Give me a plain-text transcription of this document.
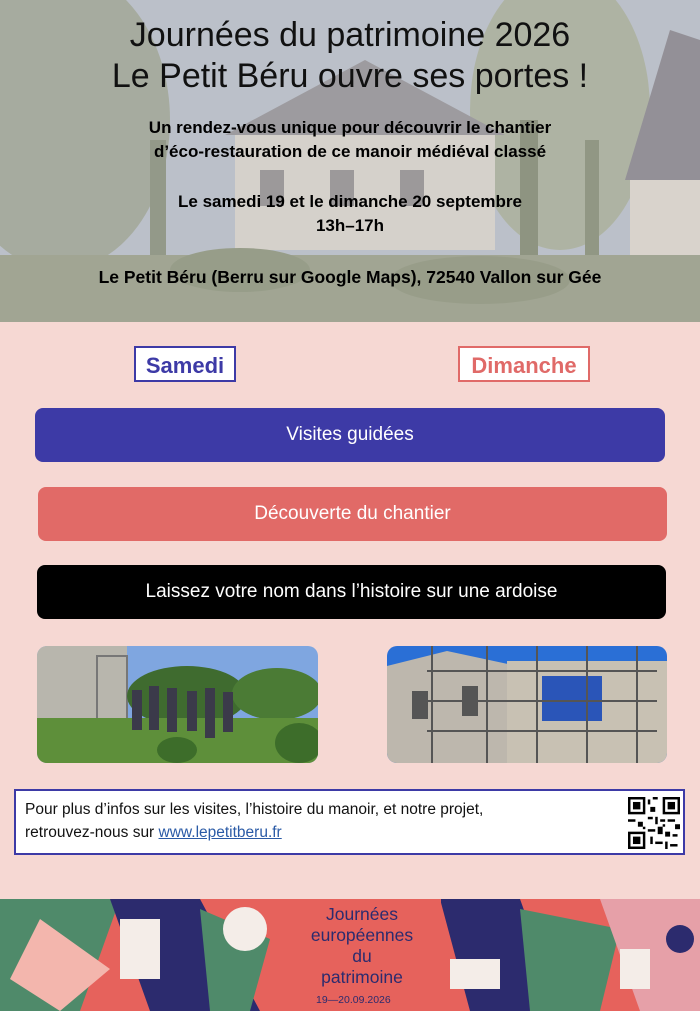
Journées du patrimoine 2026
Le Petit Béru ouvre ses portes !
Un rendez-vous unique pour découvrir le chantier
d’éco-restauration de ce manoir médiéval classé
Le samedi 19 et le dimanche 20 septembre
13h–17h
Le Petit Béru (Berru sur Google Maps), 72540 Vallon sur Gée
Samedi	Dimanche
Visites guidées
Découverte du chantier
Laissez votre nom dans l’histoire sur une ardoise

Pour plus d’infos sur les visites, l’histoire du manoir, et notre projet,

retrouvez-nous sur www.lepetitberu.fr

Journées
européennes
du
patrimoine
19—20.09.2026
